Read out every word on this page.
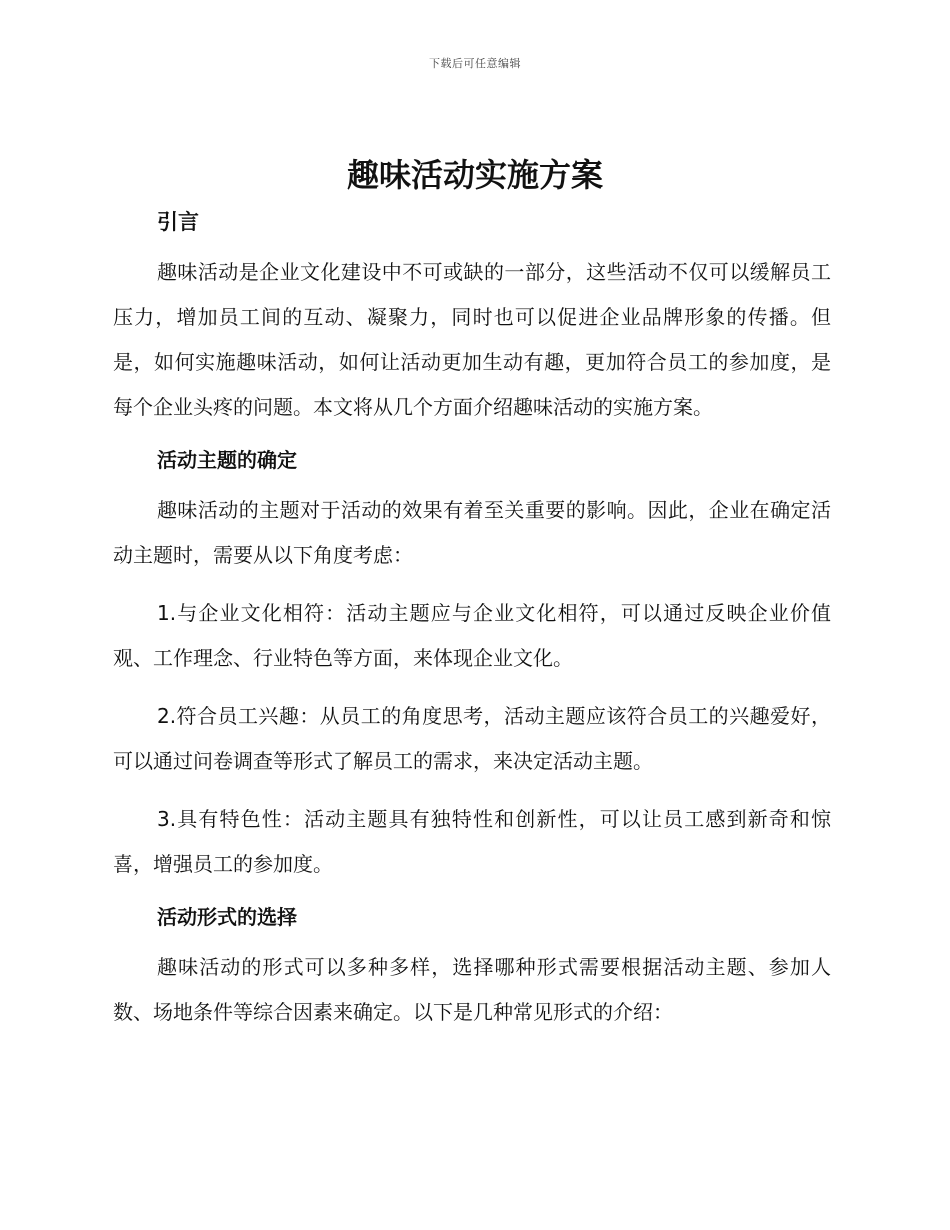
下载后可任意编辑
趣味活动实施方案
引言

趣味活动是企业文化建设中不可或缺的一部分，这些活动不仅可以缓解员工压力，增加员工间的互动、凝聚力，同时也可以促进企业品牌形象的传播。但是，如何实施趣味活动，如何让活动更加生动有趣，更加符合员工的参加度，是每个企业头疼的问题。本文将从几个方面介绍趣味活动的实施方案。

活动主题的确定

趣味活动的主题对于活动的效果有着至关重要的影响。因此，企业在确定活动主题时，需要从以下角度考虑：

1.与企业文化相符：活动主题应与企业文化相符，可以通过反映企业价值观、工作理念、行业特色等方面，来体现企业文化。

2.符合员工兴趣：从员工的角度思考，活动主题应该符合员工的兴趣爱好，可以通过问卷调查等形式了解员工的需求，来决定活动主题。

3.具有特色性：活动主题具有独特性和创新性，可以让员工感到新奇和惊喜，增强员工的参加度。

活动形式的选择

趣味活动的形式可以多种多样，选择哪种形式需要根据活动主题、参加人数、场地条件等综合因素来确定。以下是几种常见形式的介绍：
